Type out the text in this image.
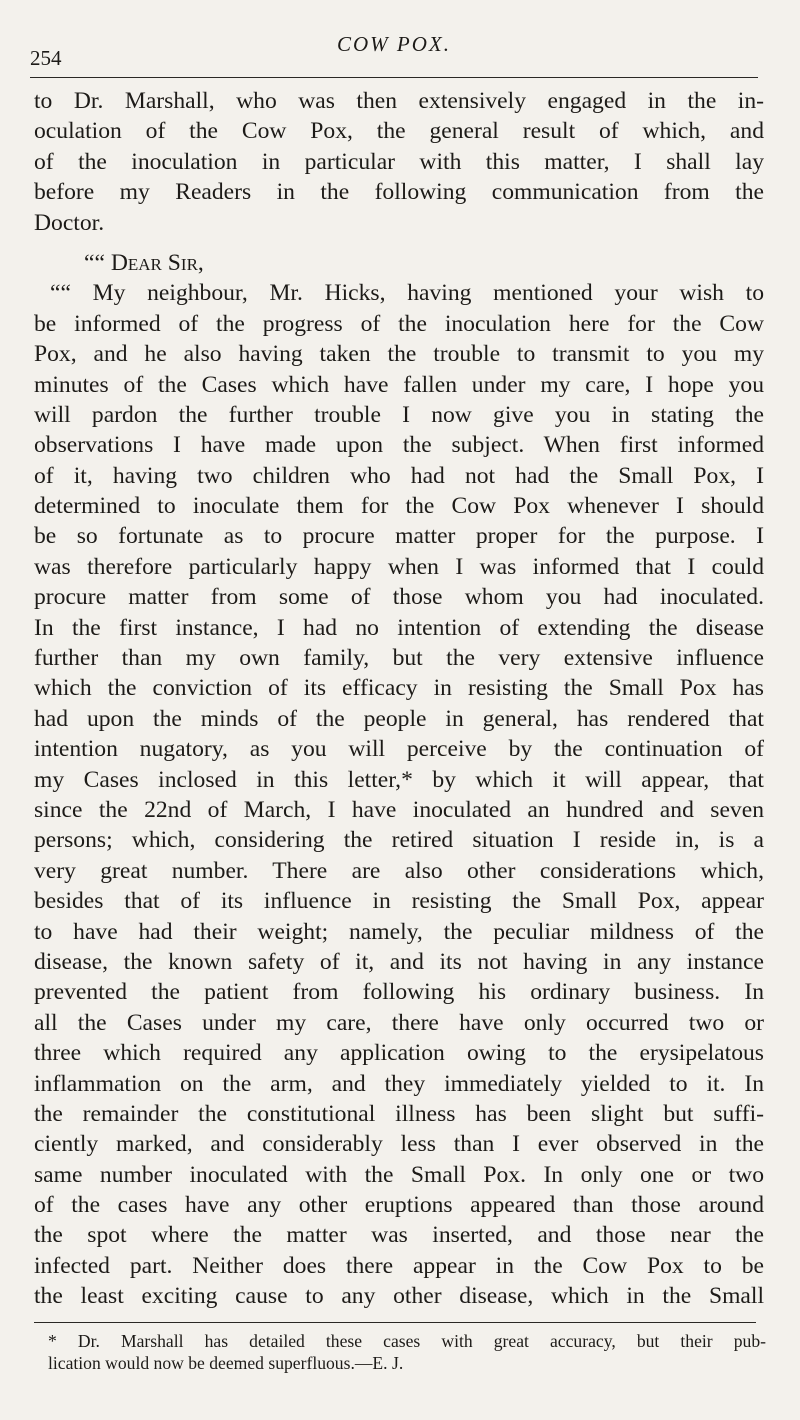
254
COW POX.
to Dr. Marshall, who was then extensively engaged in the in-
oculation of the Cow Pox, the general result of which, and
of the inoculation in particular with this matter, I shall lay
before my Readers in the following communication from the
Doctor.
““ Dear Sir,
““ My neighbour, Mr. Hicks, having mentioned your wish to
be informed of the progress of the inoculation here for the Cow
Pox, and he also having taken the trouble to transmit to you my
minutes of the Cases which have fallen under my care, I hope you
will pardon the further trouble I now give you in stating the
observations I have made upon the subject. When first informed
of it, having two children who had not had the Small Pox, I
determined to inoculate them for the Cow Pox whenever I should
be so fortunate as to procure matter proper for the purpose. I
was therefore particularly happy when I was informed that I could
procure matter from some of those whom you had inoculated.
In the first instance, I had no intention of extending the disease
further than my own family, but the very extensive influence
which the conviction of its efficacy in resisting the Small Pox has
had upon the minds of the people in general, has rendered that
intention nugatory, as you will perceive by the continuation of
my Cases inclosed in this letter,* by which it will appear, that
since the 22nd of March, I have inoculated an hundred and seven
persons; which, considering the retired situation I reside in, is a
very great number. There are also other considerations which,
besides that of its influence in resisting the Small Pox, appear
to have had their weight; namely, the peculiar mildness of the
disease, the known safety of it, and its not having in any instance
prevented the patient from following his ordinary business. In
all the Cases under my care, there have only occurred two or
three which required any application owing to the erysipelatous
inflammation on the arm, and they immediately yielded to it. In
the remainder the constitutional illness has been slight but suffi-
ciently marked, and considerably less than I ever observed in the
same number inoculated with the Small Pox. In only one or two
of the cases have any other eruptions appeared than those around
the spot where the matter was inserted, and those near the
infected part. Neither does there appear in the Cow Pox to be
the least exciting cause to any other disease, which in the Small
* Dr. Marshall has detailed these cases with great accuracy, but their pub-
lication would now be deemed superfluous.—E. J.
